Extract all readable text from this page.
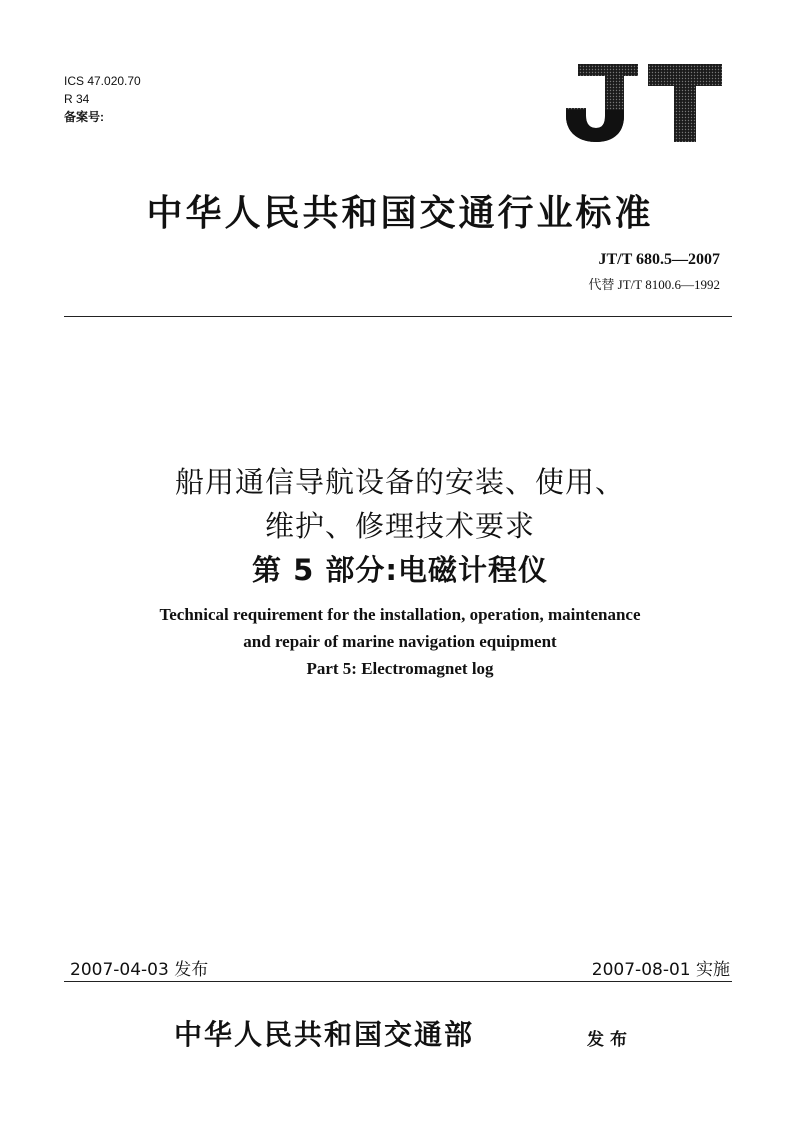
ICS 47.020.70
R 34
备案号:
中华人民共和国交通行业标准
JT/T 680.5—2007
代替 JT/T 8100.6—1992
船用通信导航设备的安装、使用、
维护、修理技术要求
第 5 部分:电磁计程仪
Technical requirement for the installation, operation, maintenance
and repair of marine navigation equipment
Part 5: Electromagnet log
2007-04-03 发布	2007-08-01 实施
中华人民共和国交通部	发布
